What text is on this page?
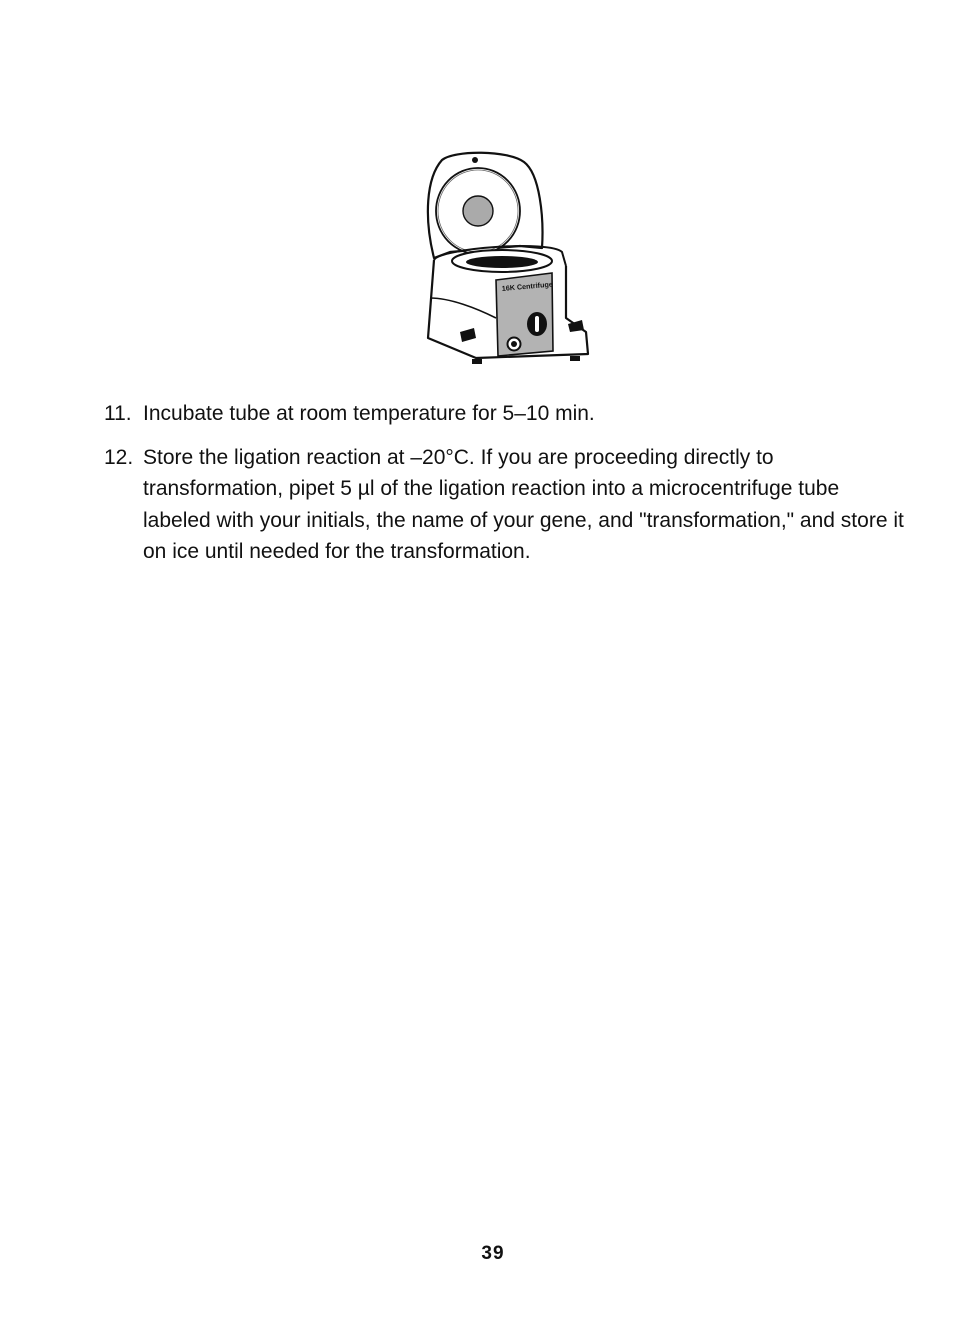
16K Centrifuge
11. Incubate tube at room temperature for 5–10 min.
12. Store the ligation reaction at –20°C. If you are proceeding directly to transformation, pipet 5 µl of the ligation reaction into a microcentrifuge tube labeled with your initials, the name of your gene, and "transformation," and store it on ice until needed for the transformation.
39
